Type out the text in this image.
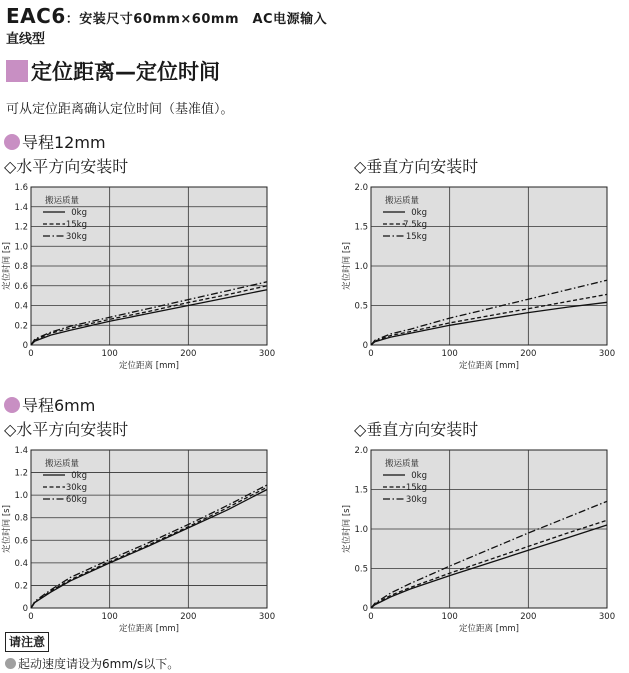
EAC6：安装尺寸60mm×60mm　AC电源输入
直线型
定位距离—定位时间
可从定位距离确认定位时间（基准值）。
导程12mm
◇水平方向安装时	◇垂直方向安装时
导程6mm
◇水平方向安装时	◇垂直方向安装时
0
0.2
0.4
0.6
0.8
1.0
1.2
1.4
1.6
0	100	200	300
定位距离 [mm]
定位时间 [s]
搬运质量
0kg
15kg
30kg
0
0.5
1.0
1.5
2.0
0	100	200	300
定位距离 [mm]
定位时间 [s]
搬运质量
0kg
7.5kg
15kg
0
0.2
0.4
0.6
0.8
1.0
1.2
1.4
0	100	200	300
定位距离 [mm]
定位时间 [s]
搬运质量
0kg
30kg
60kg
0
0.5
1.0
1.5
2.0
0	100	200	300
定位距离 [mm]
定位时间 [s]
搬运质量
0kg
15kg
30kg
请注意
起动速度请设为6mm/s以下。
